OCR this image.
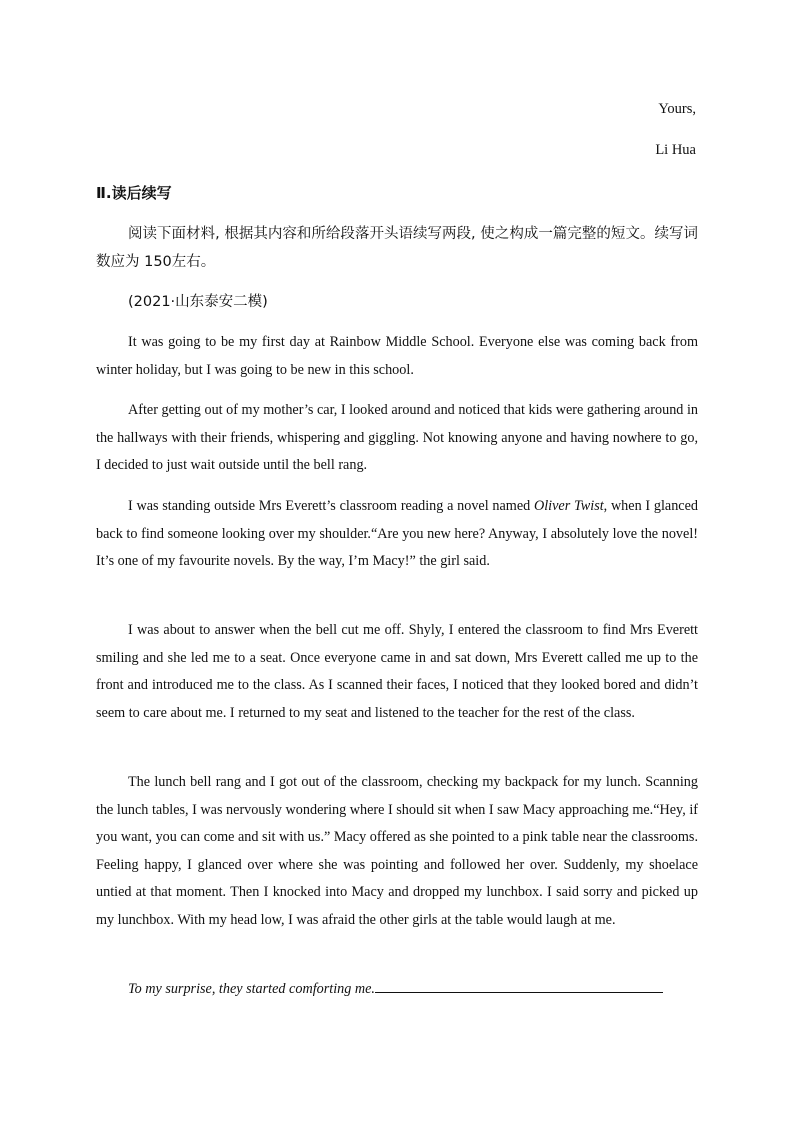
Yours,
Li Hua
Ⅱ.读后续写
阅读下面材料, 根据其内容和所给段落开头语续写两段, 使之构成一篇完整的短文。续写词数应为 150左右。
(2021·山东泰安二模)
It was going to be my first day at Rainbow Middle School. Everyone else was coming back from winter holiday, but I was going to be new in this school.
After getting out of my mother’s car, I looked around and noticed that kids were gathering around in the hallways with their friends, whispering and giggling. Not knowing anyone and having nowhere to go, I decided to just wait outside until the bell rang.
I was standing outside Mrs Everett’s classroom reading a novel named Oliver Twist, when I glanced back to find someone looking over my shoulder.“Are you new here? Anyway, I absolutely love the novel! It’s one of my favourite novels. By the way, I’m Macy!” the girl said.
I was about to answer when the bell cut me off. Shyly, I entered the classroom to find Mrs Everett smiling and she led me to a seat. Once everyone came in and sat down, Mrs Everett called me up to the front and introduced me to the class. As I scanned their faces, I noticed that they looked bored and didn’t seem to care about me. I returned to my seat and listened to the teacher for the rest of the class.
The lunch bell rang and I got out of the classroom, checking my backpack for my lunch. Scanning the lunch tables, I was nervously wondering where I should sit when I saw Macy approaching me.“Hey, if you want, you can come and sit with us.” Macy offered as she pointed to a pink table near the classrooms. Feeling happy, I glanced over where she was pointing and followed her over. Suddenly, my shoelace untied at that moment. Then I knocked into Macy and dropped my lunchbox. I said sorry and picked up my lunchbox. With my head low, I was afraid the other girls at the table would laugh at me.
To my surprise, they started comforting me.
